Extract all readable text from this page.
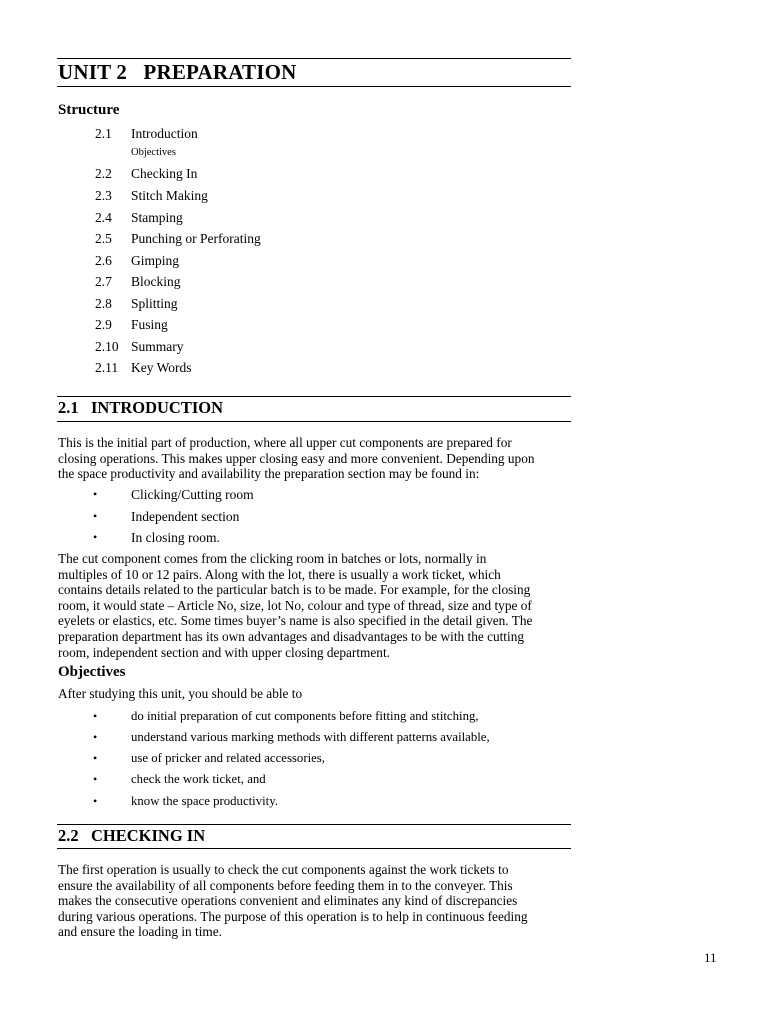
UNIT 2   PREPARATION
Structure
2.1 Introduction
Objectives
2.2 Checking In
2.3 Stitch Making
2.4 Stamping
2.5 Punching or Perforating
2.6 Gimping
2.7 Blocking
2.8 Splitting
2.9 Fusing
2.10 Summary
2.11 Key Words
2.1   INTRODUCTION
This is the initial part of production, where all upper cut components are prepared for
closing operations. This makes upper closing easy and more convenient. Depending upon
the space productivity and availability the preparation section may be found in:
•	Clicking/Cutting room
•	Independent section
•	In closing room.
The cut component comes from the clicking room in batches or lots, normally in
multiples of 10 or 12 pairs. Along with the lot, there is usually a work ticket, which
contains details related to the particular batch is to be made. For example, for the closing
room, it would state – Article No, size, lot No, colour and type of thread, size and type of
eyelets or elastics, etc. Some times buyer’s name is also specified in the detail given. The
preparation department has its own advantages and disadvantages to be with the cutting
room, independent section and with upper closing department.
Objectives
After studying this unit, you should be able to
•	do initial preparation of cut components before fitting and stitching,
•	understand various marking methods with different patterns available,
•	use of pricker and related accessories,
•	check the work ticket, and
•	know the space productivity.
2.2   CHECKING IN
The first operation is usually to check the cut components against the work tickets to
ensure the availability of all components before feeding them in to the conveyer. This
makes the consecutive operations convenient and eliminates any kind of discrepancies
during various operations. The purpose of this operation is to help in continuous feeding
and ensure the loading in time.
11
